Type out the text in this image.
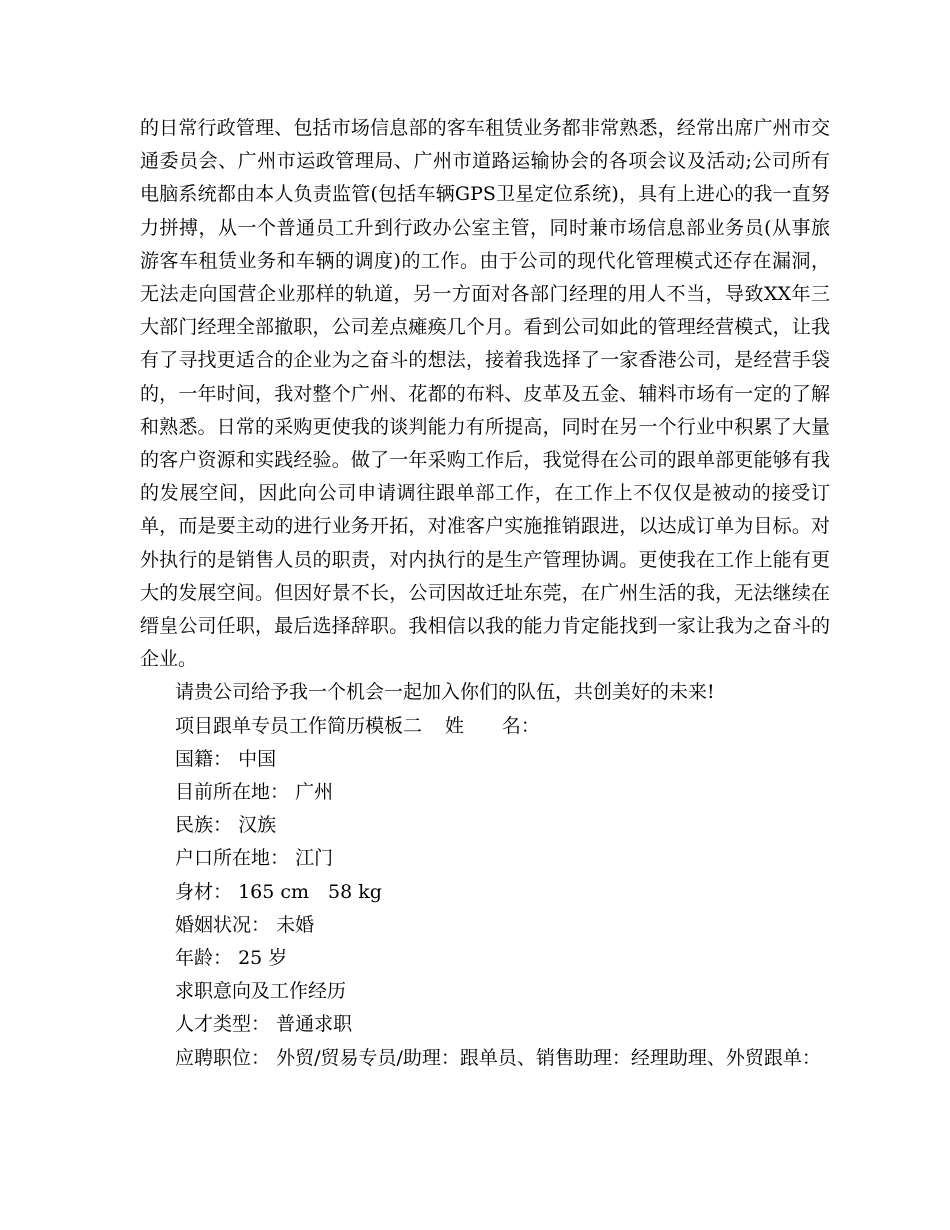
的日常行政管理、包括市场信息部的客车租赁业务都非常熟悉，经常出席广州市交通委员会、广州市运政管理局、广州市道路运输协会的各项会议及活动;公司所有电脑系统都由本人负责监管(包括车辆GPS卫星定位系统)，具有上进心的我一直努力拼搏，从一个普通员工升到行政办公室主管，同时兼市场信息部业务员(从事旅游客车租赁业务和车辆的调度)的工作。由于公司的现代化管理模式还存在漏洞，无法走向国营企业那样的轨道，另一方面对各部门经理的用人不当，导致XX年三大部门经理全部撤职，公司差点瘫痪几个月。看到公司如此的管理经营模式，让我有了寻找更适合的企业为之奋斗的想法，接着我选择了一家香港公司，是经营手袋的，一年时间，我对整个广州、花都的布料、皮革及五金、辅料市场有一定的了解和熟悉。日常的采购更使我的谈判能力有所提高，同时在另一个行业中积累了大量的客户资源和实践经验。做了一年采购工作后，我觉得在公司的跟单部更能够有我的发展空间，因此向公司申请调往跟单部工作，在工作上不仅仅是被动的接受订单，而是要主动的进行业务开拓，对准客户实施推销跟进，以达成订单为目标。对外执行的是销售人员的职责，对内执行的是生产管理协调。更使我在工作上能有更大的发展空间。但因好景不长，公司因故迁址东莞，在广州生活的我，无法继续在缙皇公司任职，最后选择辞职。我相信以我的能力肯定能找到一家让我为之奋斗的企业。

请贵公司给予我一个机会一起加入你们的队伍，共创美好的未来!

项目跟单专员工作简历模板二 姓　　名：

国籍： 中国

目前所在地： 广州

民族： 汉族

户口所在地： 江门

身材： 165 cm　58 kg

婚姻状况： 未婚

年龄： 25 岁

求职意向及工作经历

人才类型： 普通求职

应聘职位： 外贸/贸易专员/助理：跟单员、销售助理：经理助理、外贸跟单：
